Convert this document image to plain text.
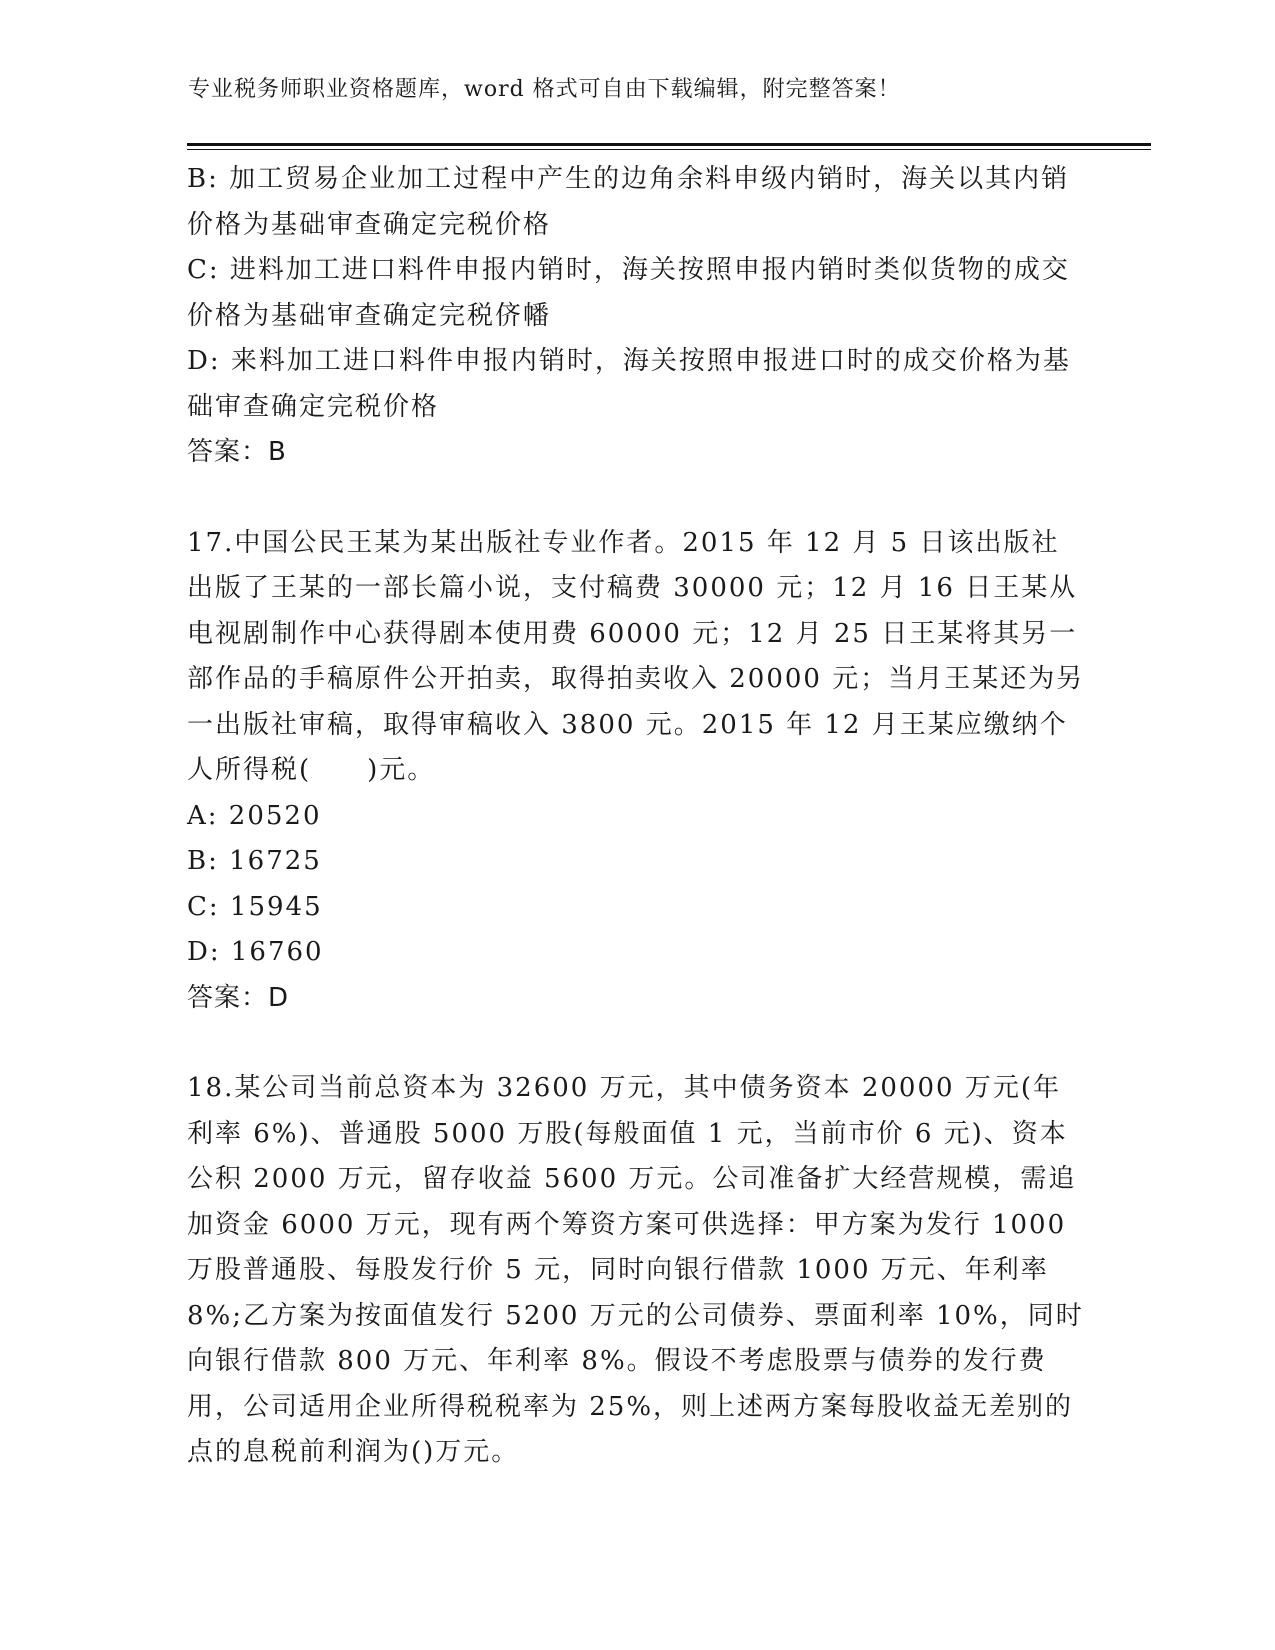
专业税务师职业资格题库，word 格式可自由下载编辑，附完整答案！

B: 加工贸易企业加工过程中产生的边角余料申级内销时，海关以其内销价格为基础审查确定完税价格

C: 进料加工进口料件申报内销时，海关按照申报内销时类似货物的成交价格为基础审查确定完税侪幡

D: 来料加工进口料件申报内销时，海关按照申报进口时的成交价格为基础审查确定完税价格

答案：B

17.中国公民王某为某出版社专业作者。2015 年 12 月 5 日该出版社出版了王某的一部长篇小说，支付稿费 30000 元；12 月 16 日王某从电视剧制作中心获得剧本使用费 60000 元；12 月 25 日王某将其另一部作品的手稿原件公开拍卖，取得拍卖收入 20000 元；当月王某还为另一出版社审稿，取得审稿收入 3800 元。2015 年 12 月王某应缴纳个人所得税(　　)元。

A: 20520

B: 16725

C: 15945

D: 16760

答案：D

18.某公司当前总资本为 32600 万元，其中债务资本 20000 万元(年利率 6%)、普通股 5000 万股(每般面值 1 元，当前市价 6 元)、资本公积 2000 万元，留存收益 5600 万元。公司准备扩大经营规模，需追加资金 6000 万元，现有两个筹资方案可供选择：甲方案为发行 1000 万股普通股、每股发行价 5 元，同时向银行借款 1000 万元、年利率 8%;乙方案为按面值发行 5200 万元的公司债券、票面利率 10%，同时向银行借款 800 万元、年利率 8%。假设不考虑股票与债券的发行费用，公司适用企业所得税税率为 25%，则上述两方案每股收益无差别的点的息税前利润为()万元。
